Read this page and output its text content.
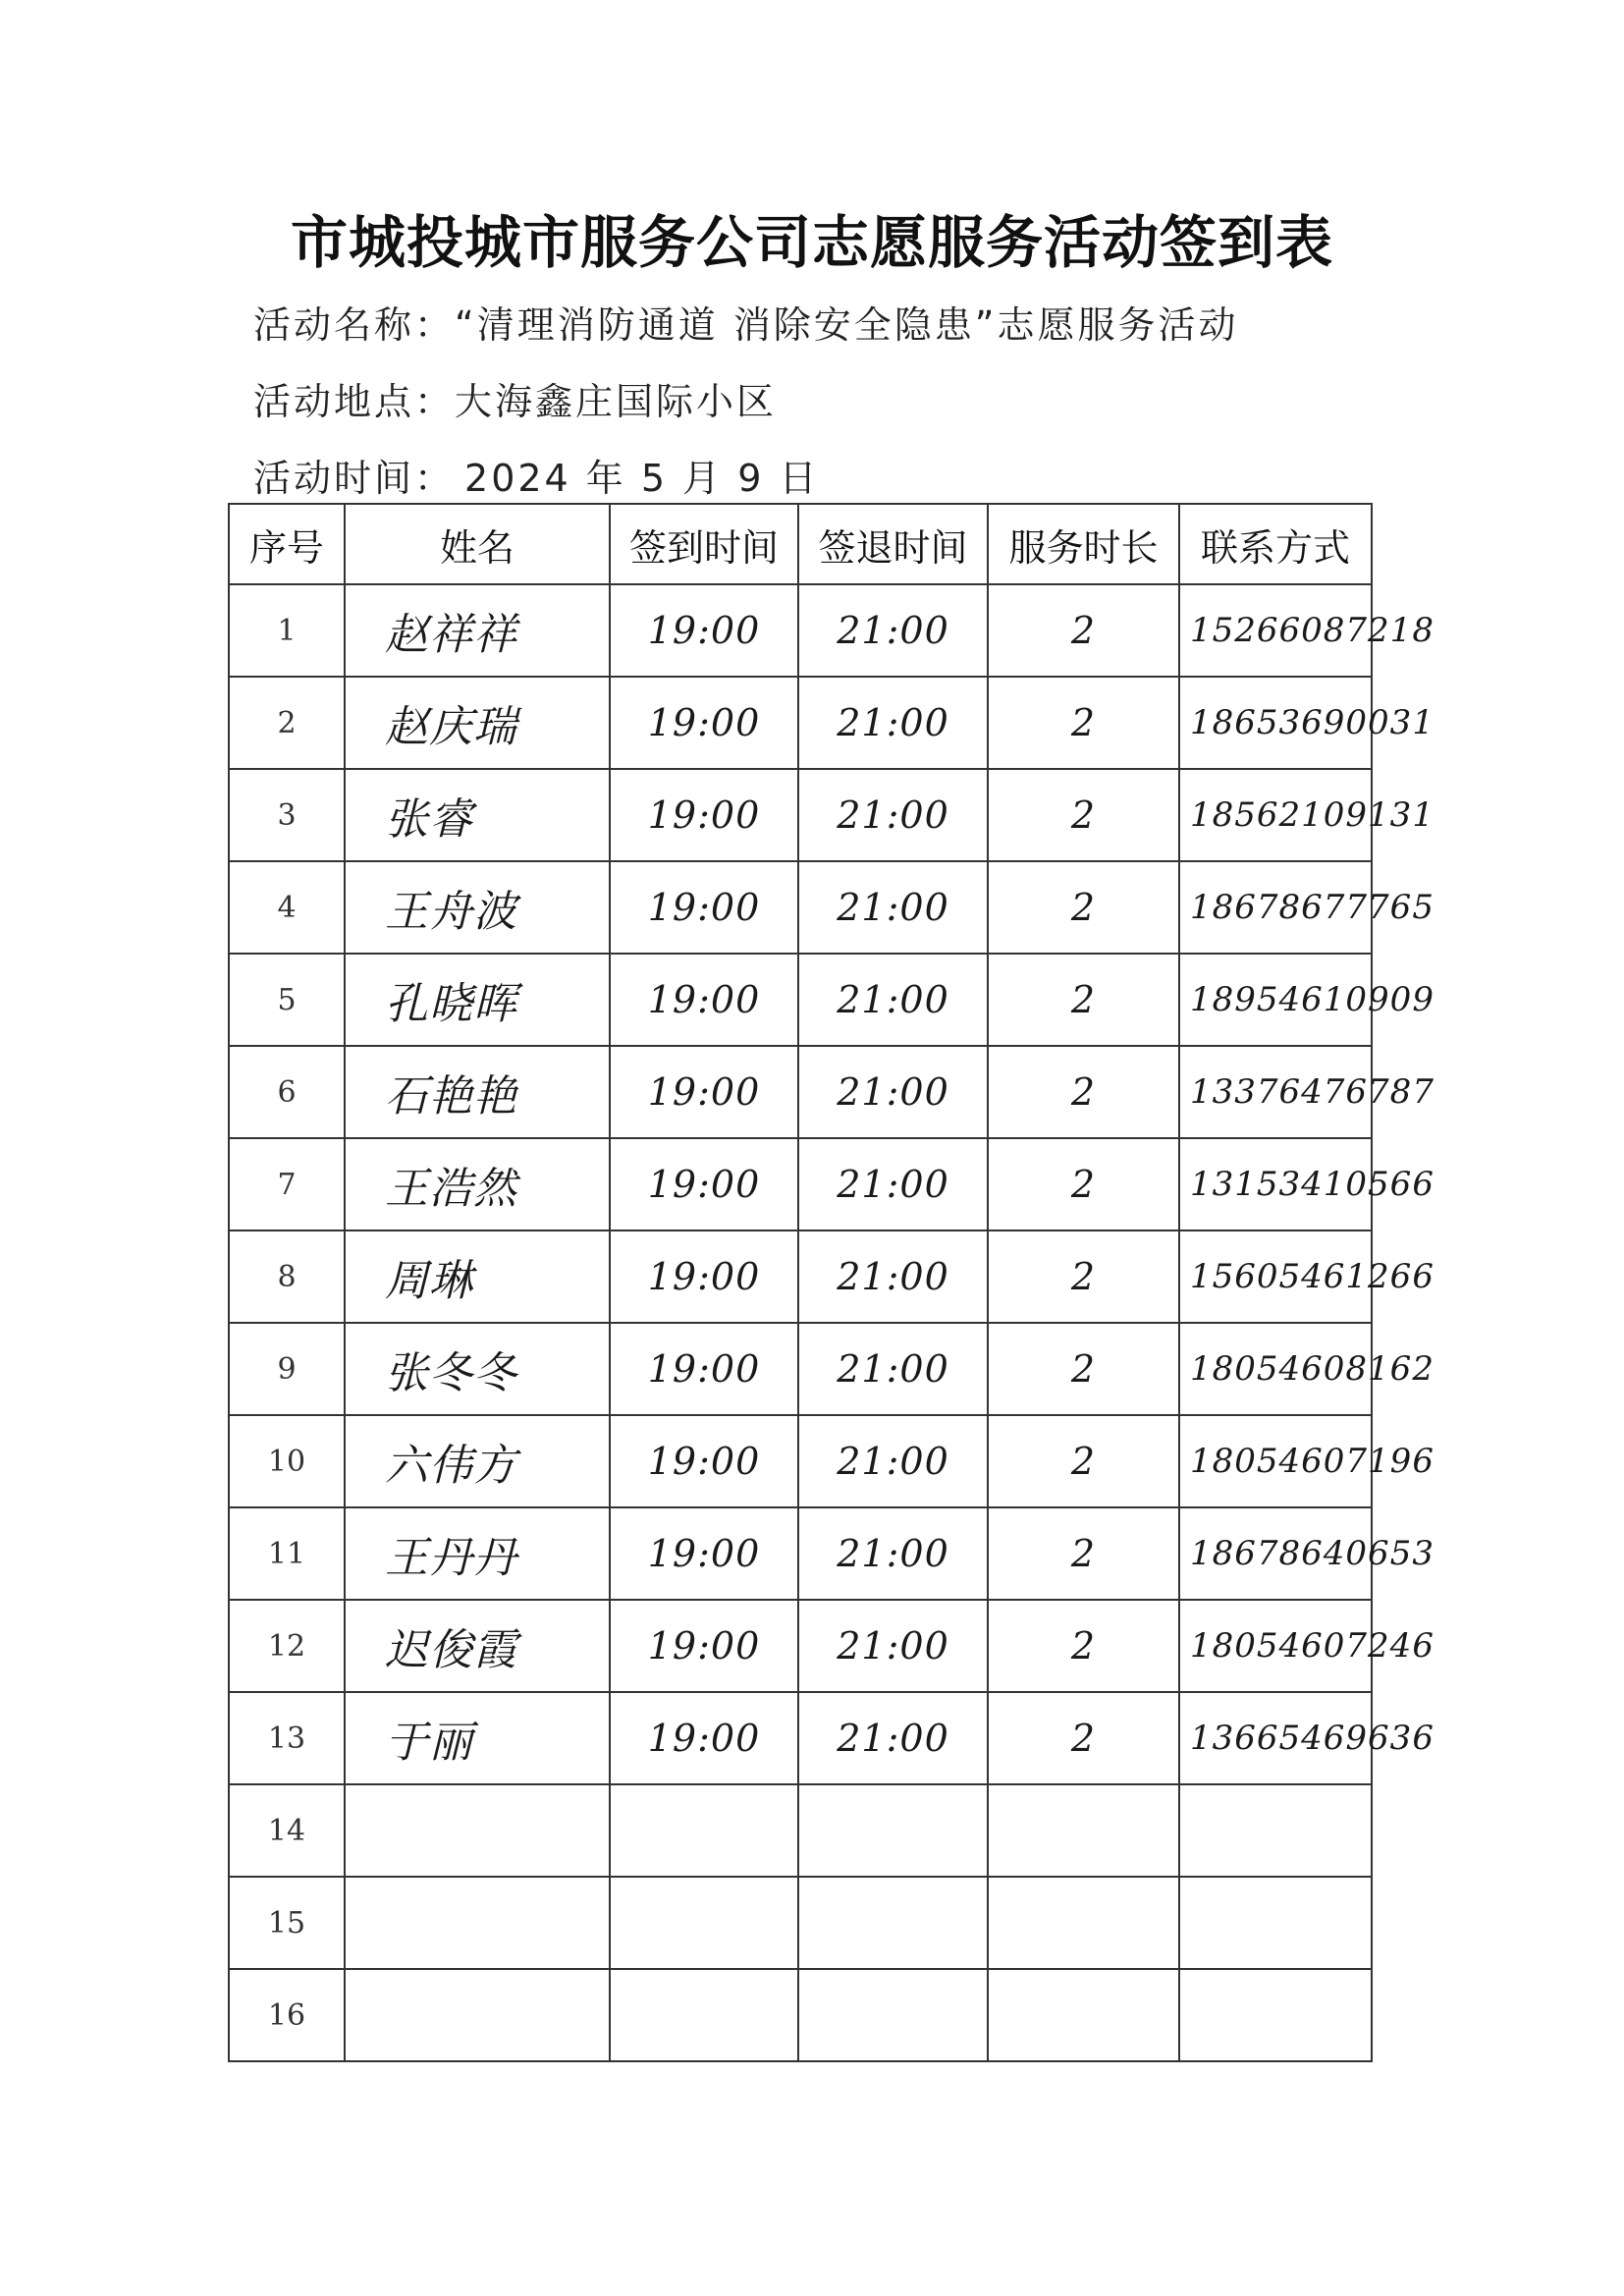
市城投城市服务公司志愿服务活动签到表
活动名称：“清理消防通道 消除安全隐患”志愿服务活动
活动地点：大海鑫庄国际小区
活动时间： 2024 年 5 月 9 日
序号	姓名	签到时间	签退时间	服务时长	联系方式
1	赵祥祥	19:00	21:00	2	15266087218
2	赵庆瑞	19:00	21:00	2	18653690031
3	张睿	19:00	21:00	2	18562109131
4	王舟波	19:00	21:00	2	18678677765
5	孔晓晖	19:00	21:00	2	18954610909
6	石艳艳	19:00	21:00	2	13376476787
7	王浩然	19:00	21:00	2	13153410566
8	周琳	19:00	21:00	2	15605461266
9	张冬冬	19:00	21:00	2	18054608162
10	六伟方	19:00	21:00	2	18054607196
11	王丹丹	19:00	21:00	2	18678640653
12	迟俊霞	19:00	21:00	2	18054607246
13	于丽	19:00	21:00	2	13665469636
14					
15					
16					
